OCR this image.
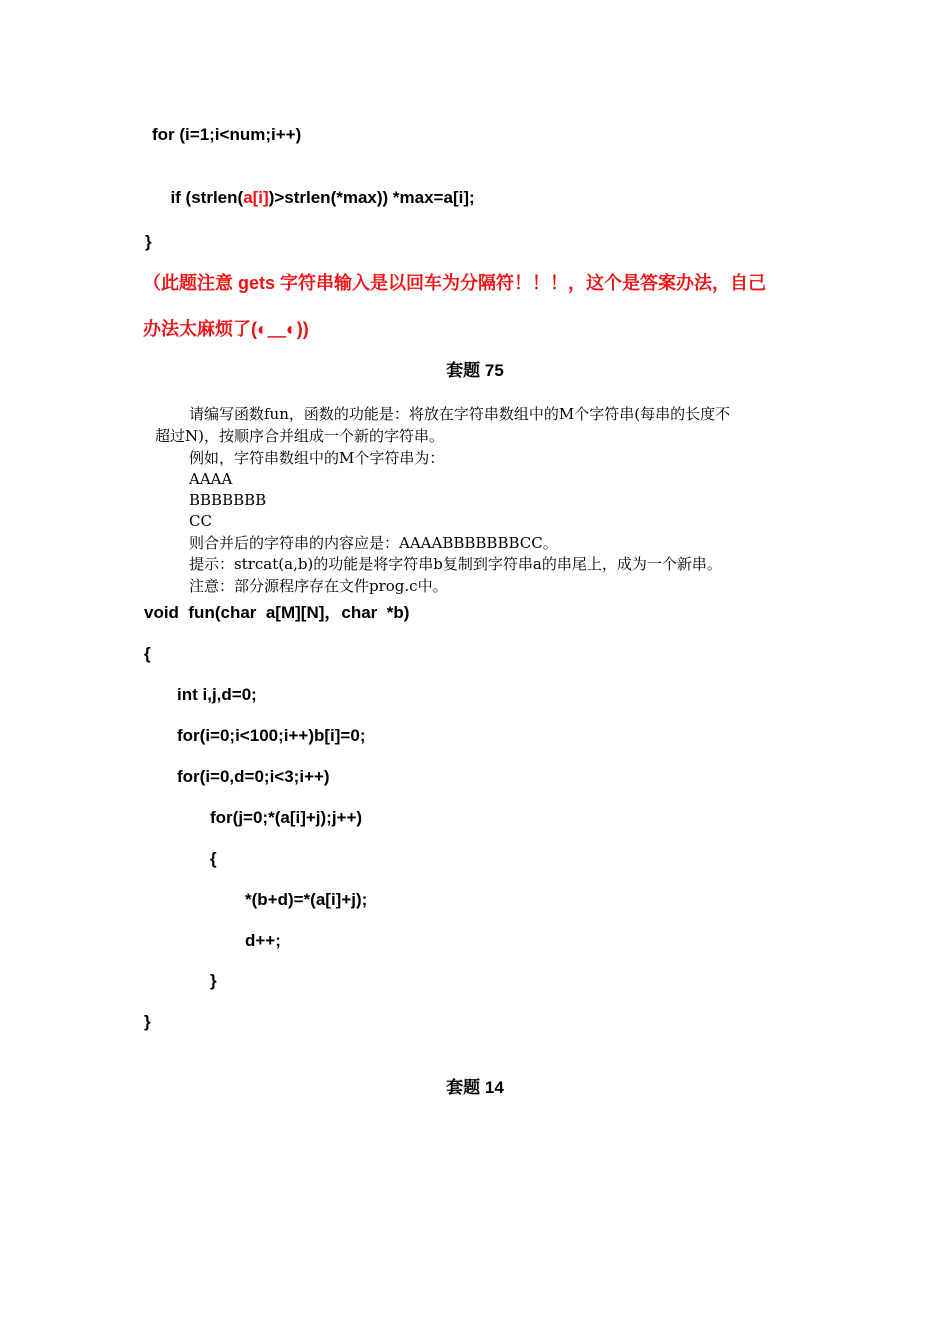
for (i=1;i<num;i++)

if (strlen(a[i])>strlen(*max)) *max=a[i];

}
（此题注意 gets 字符串输入是以回车为分隔符！！！，这个是答案办法，自己
办法太麻烦了(◐＿◐))
套题 75
请编写函数fun，函数的功能是：将放在字符串数组中的M个字符串(每串的长度不
超过N)，按顺序合并组成一个新的字符串。
例如，字符串数组中的M个字符串为：
AAAA
BBBBBBB
CC
则合并后的字符串的内容应是：AAAABBBBBBBCC。
提示：strcat(a,b)的功能是将字符串b复制到字符串a的串尾上，成为一个新串。
注意：部分源程序存在文件prog.c中。
void  fun(char  a[M][N]，char  *b)
{
int i,j,d=0;
for(i=0;i<100;i++)b[i]=0;
for(i=0,d=0;i<3;i++)
for(j=0;*(a[i]+j);j++)
{
*(b+d)=*(a[i]+j);
d++;
}
}
套题 14
